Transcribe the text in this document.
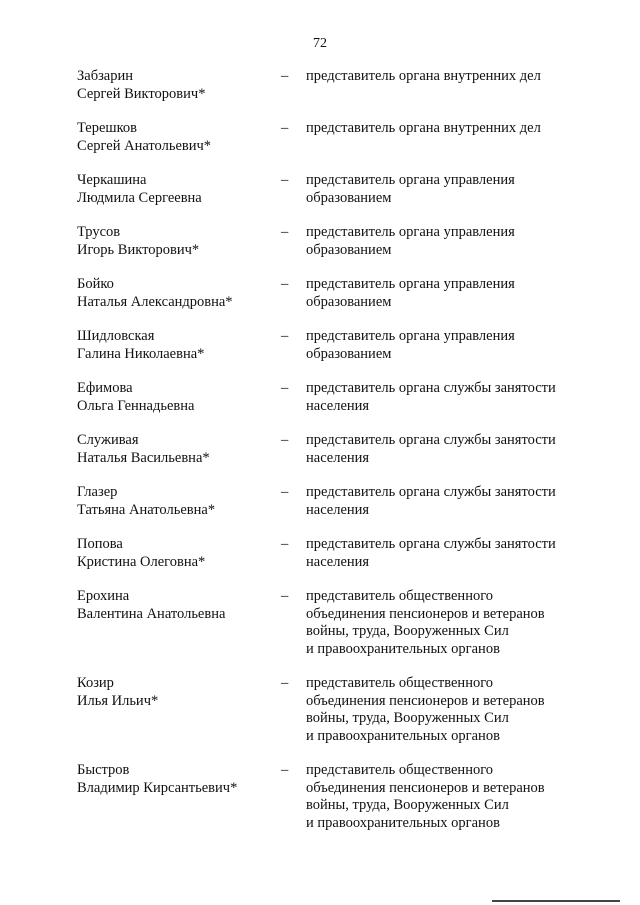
72
Забзарин
Сергей Викторович*
– представитель органа внутренних дел
Терешков
Сергей Анатольевич*
– представитель органа внутренних дел
Черкашина
Людмила Сергеевна
– представитель органа управления
образованием
Трусов
Игорь Викторович*
– представитель органа управления
образованием
Бойко
Наталья Александровна*
– представитель органа управления
образованием
Шидловская
Галина Николаевна*
– представитель органа управления
образованием
Ефимова
Ольга Геннадьевна
– представитель органа службы занятости
населения
Служивая
Наталья Васильевна*
– представитель органа службы занятости
населения
Глазер
Татьяна Анатольевна*
– представитель органа службы занятости
населения
Попова
Кристина Олеговна*
– представитель органа службы занятости
населения
Ерохина
Валентина Анатольевна
– представитель общественного
объединения пенсионеров и ветеранов
войны, труда, Вооруженных Сил
и правоохранительных органов
Козир
Илья Ильич*
– представитель общественного
объединения пенсионеров и ветеранов
войны, труда, Вооруженных Сил
и правоохранительных органов
Быстров
Владимир Кирсантьевич*
– представитель общественного
объединения пенсионеров и ветеранов
войны, труда, Вооруженных Сил
и правоохранительных органов
